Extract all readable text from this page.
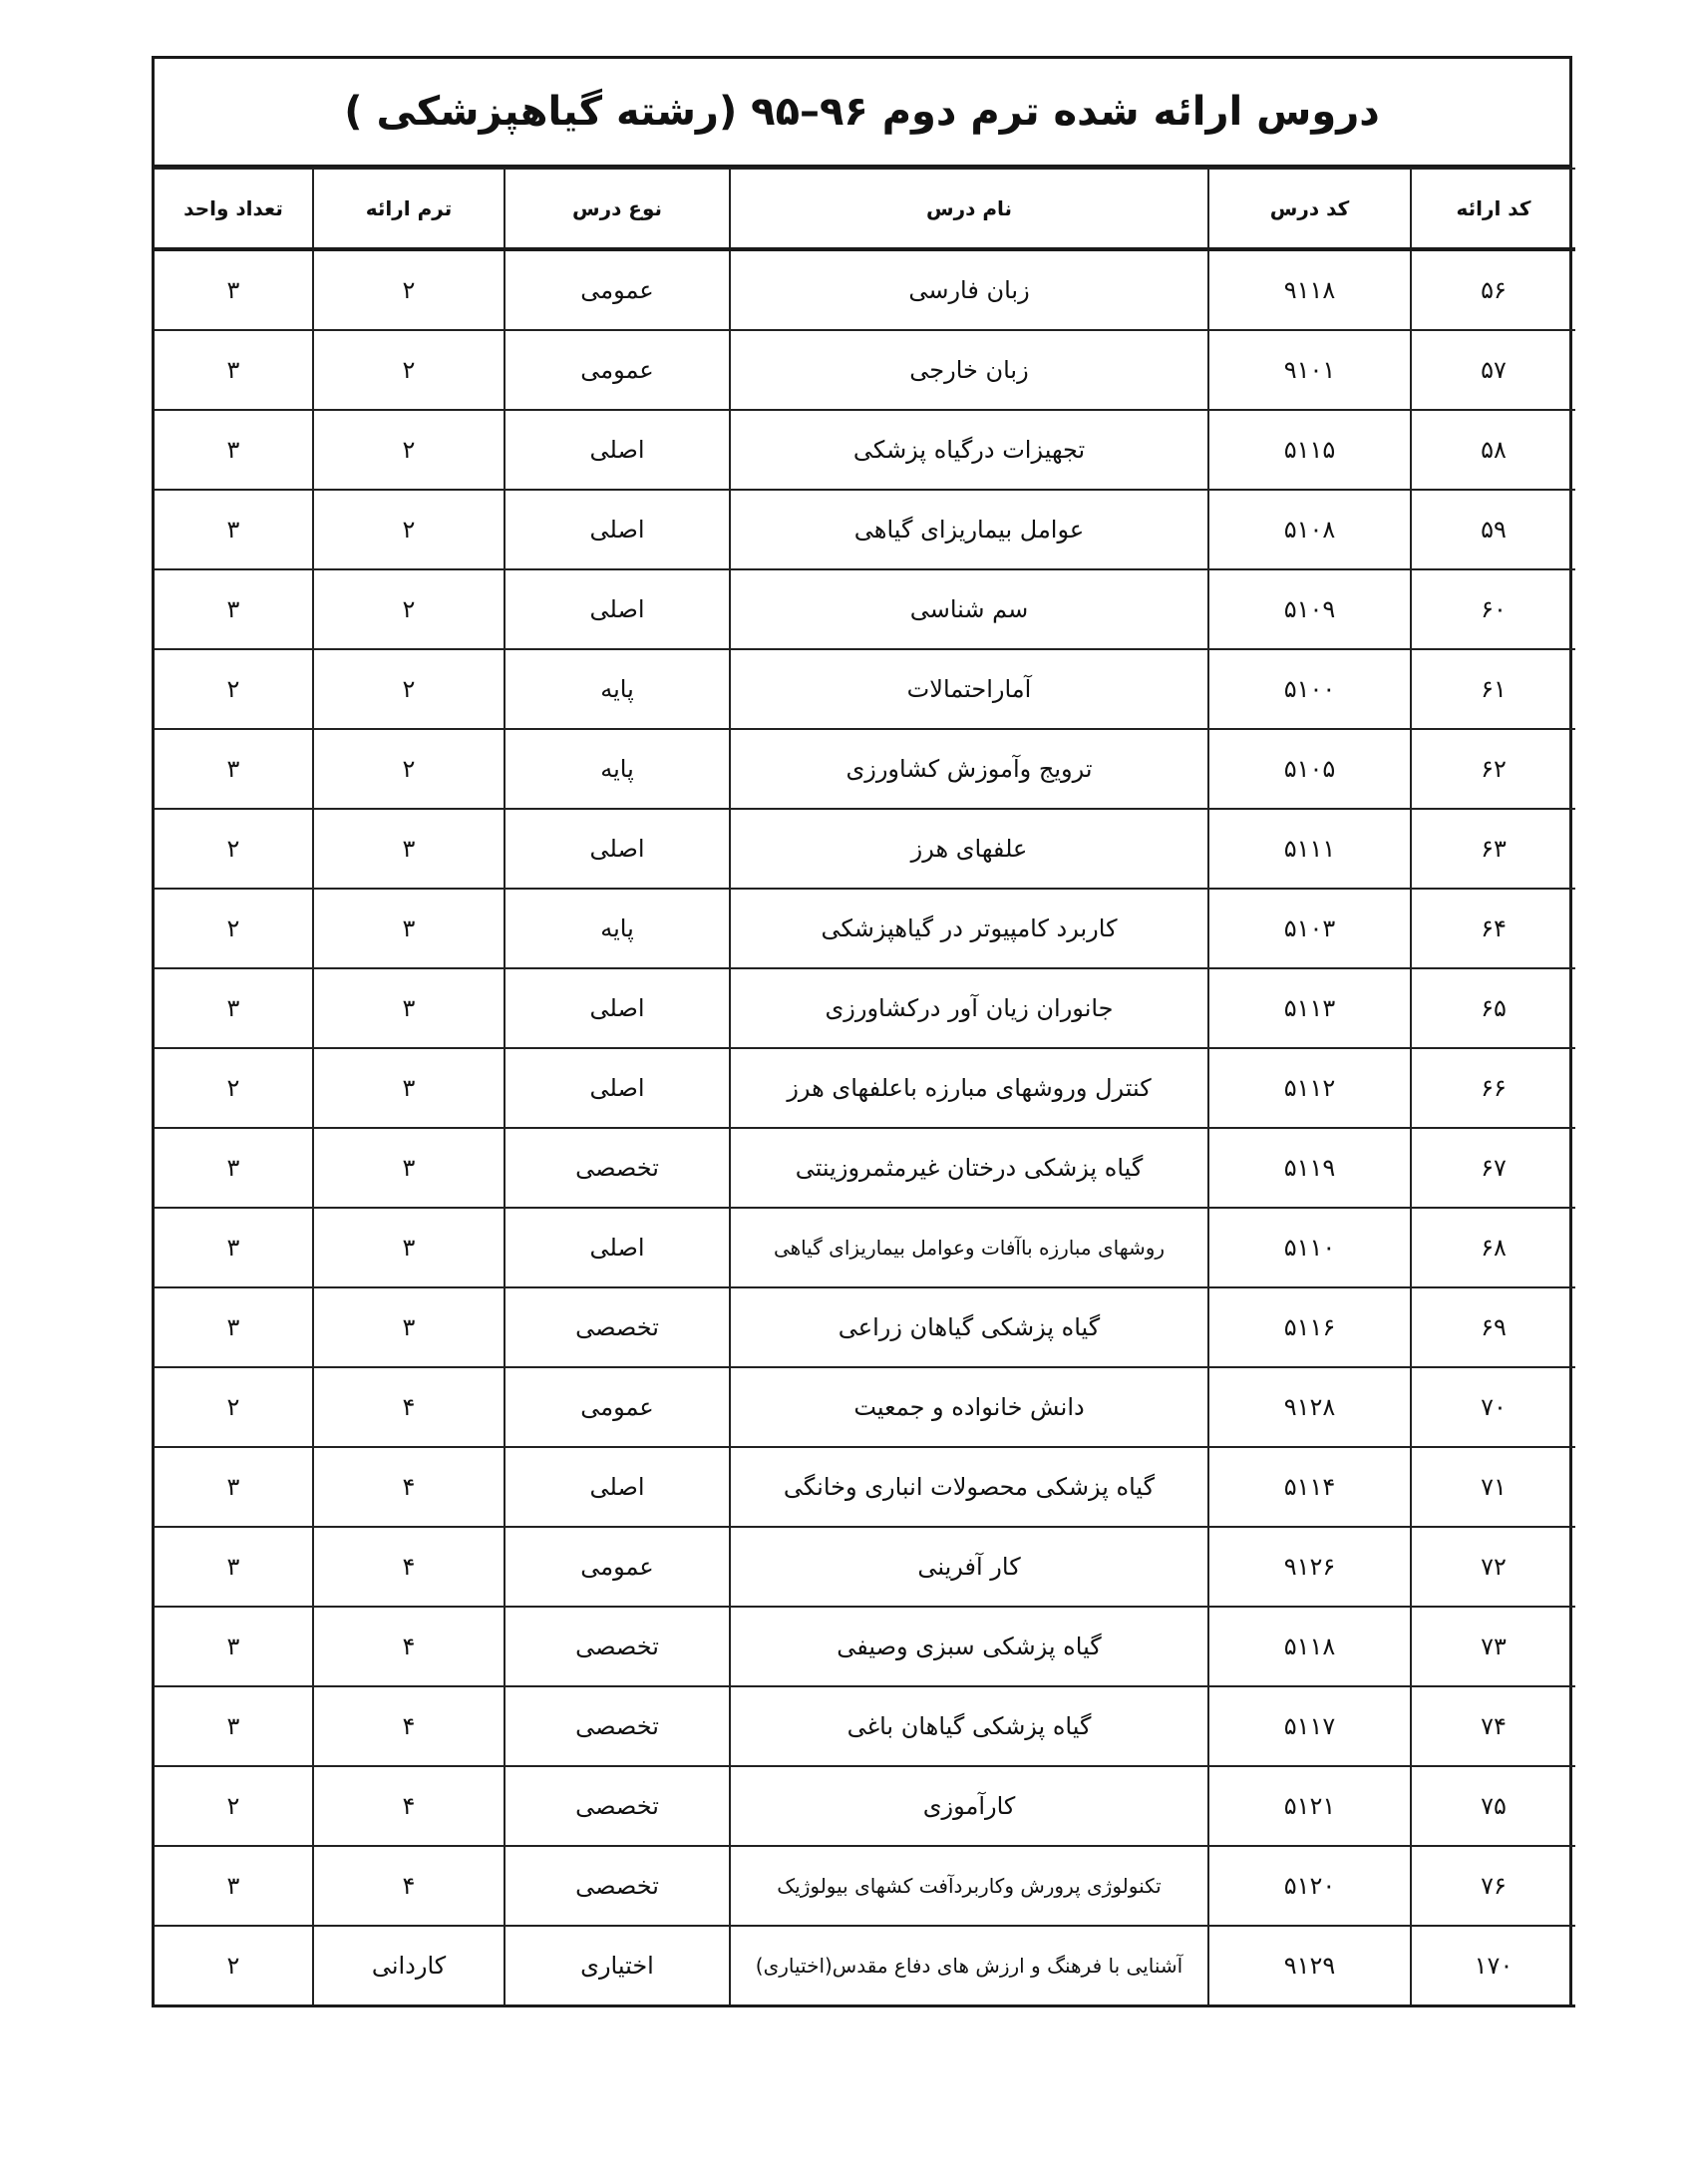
دروس ارائه شده ترم دوم ۹۶–۹۵ (رشته گیاهپزشکی )
کد ارائه	کد درس	نام درس	نوع درس	ترم ارائه	تعداد واحد
۵۶	۹۱۱۸	زبان فارسی	عمومی	۲	۳
۵۷	۹۱۰۱	زبان خارجی	عمومی	۲	۳
۵۸	۵۱۱۵	تجهیزات درگیاه پزشکی	اصلی	۲	۳
۵۹	۵۱۰۸	عوامل بیماریزای گیاهی	اصلی	۲	۳
۶۰	۵۱۰۹	سم شناسی	اصلی	۲	۳
۶۱	۵۱۰۰	آماراحتمالات	پایه	۲	۲
۶۲	۵۱۰۵	ترویج وآموزش کشاورزی	پایه	۲	۳
۶۳	۵۱۱۱	علفهای هرز	اصلی	۳	۲
۶۴	۵۱۰۳	کاربرد کامپیوتر در گیاهپزشکی	پایه	۳	۲
۶۵	۵۱۱۳	جانوران زیان آور درکشاورزی	اصلی	۳	۳
۶۶	۵۱۱۲	کنترل وروشهای مبارزه باعلفهای هرز	اصلی	۳	۲
۶۷	۵۱۱۹	گیاه پزشکی درختان غیرمثمروزینتی	تخصصی	۳	۳
۶۸	۵۱۱۰	روشهای مبارزه باآفات وعوامل بیماریزای گیاهی	اصلی	۳	۳
۶۹	۵۱۱۶	گیاه پزشکی گیاهان زراعی	تخصصی	۳	۳
۷۰	۹۱۲۸	دانش خانواده و جمعیت	عمومی	۴	۲
۷۱	۵۱۱۴	گیاه پزشکی محصولات انباری وخانگی	اصلی	۴	۳
۷۲	۹۱۲۶	کار آفرینی	عمومی	۴	۳
۷۳	۵۱۱۸	گیاه پزشکی سبزی وصیفی	تخصصی	۴	۳
۷۴	۵۱۱۷	گیاه پزشکی گیاهان باغی	تخصصی	۴	۳
۷۵	۵۱۲۱	کارآموزی	تخصصی	۴	۲
۷۶	۵۱۲۰	تکنولوژی پرورش وکاربردآفت کشهای بیولوژیک	تخصصی	۴	۳
۱۷۰	۹۱۲۹	آشنایی با فرهنگ و ارزش های دفاع مقدس(اختیاری)	اختیاری	کاردانی	۲
